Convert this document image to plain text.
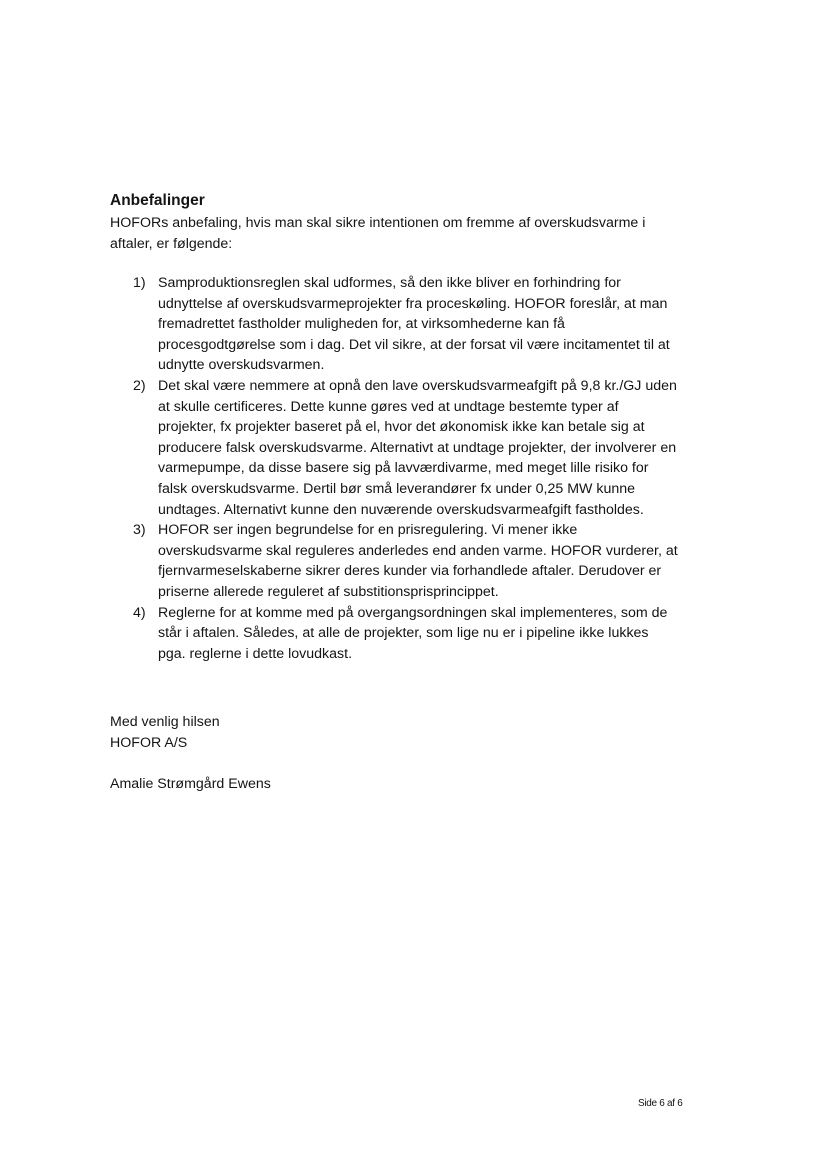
Anbefalinger

HOFORs anbefaling, hvis man skal sikre intentionen om fremme af overskudsvarme i aftaler, er følgende:

1) Samproduktionsreglen skal udformes, så den ikke bliver en forhindring for udnyttelse af overskudsvarmeprojekter fra proceskøling. HOFOR foreslår, at man fremadrettet fastholder muligheden for, at virksomhederne kan få procesgodtgørelse som i dag. Det vil sikre, at der forsat vil være incitamentet til at udnytte overskudsvarmen.
2) Det skal være nemmere at opnå den lave overskudsvarmeafgift på 9,8 kr./GJ uden at skulle certificeres. Dette kunne gøres ved at undtage bestemte typer af projekter, fx projekter baseret på el, hvor det økonomisk ikke kan betale sig at producere falsk overskudsvarme. Alternativt at undtage projekter, der involverer en varmepumpe, da disse basere sig på lavværdivarme, med meget lille risiko for falsk overskudsvarme. Dertil bør små leverandører fx under 0,25 MW kunne undtages. Alternativt kunne den nuværende overskudsvarmeafgift fastholdes.
3) HOFOR ser ingen begrundelse for en prisregulering. Vi mener ikke overskudsvarme skal reguleres anderledes end anden varme. HOFOR vurderer, at fjernvarmeselskaberne sikrer deres kunder via forhandlede aftaler. Derudover er priserne allerede reguleret af substitionsprisprincippet.
4) Reglerne for at komme med på overgangsordningen skal implementeres, som de står i aftalen. Således, at alle de projekter, som lige nu er i pipeline ikke lukkes pga. reglerne i dette lovudkast.

Med venlig hilsen
HOFOR A/S

Amalie Strømgård Ewens

Side 6 af 6
